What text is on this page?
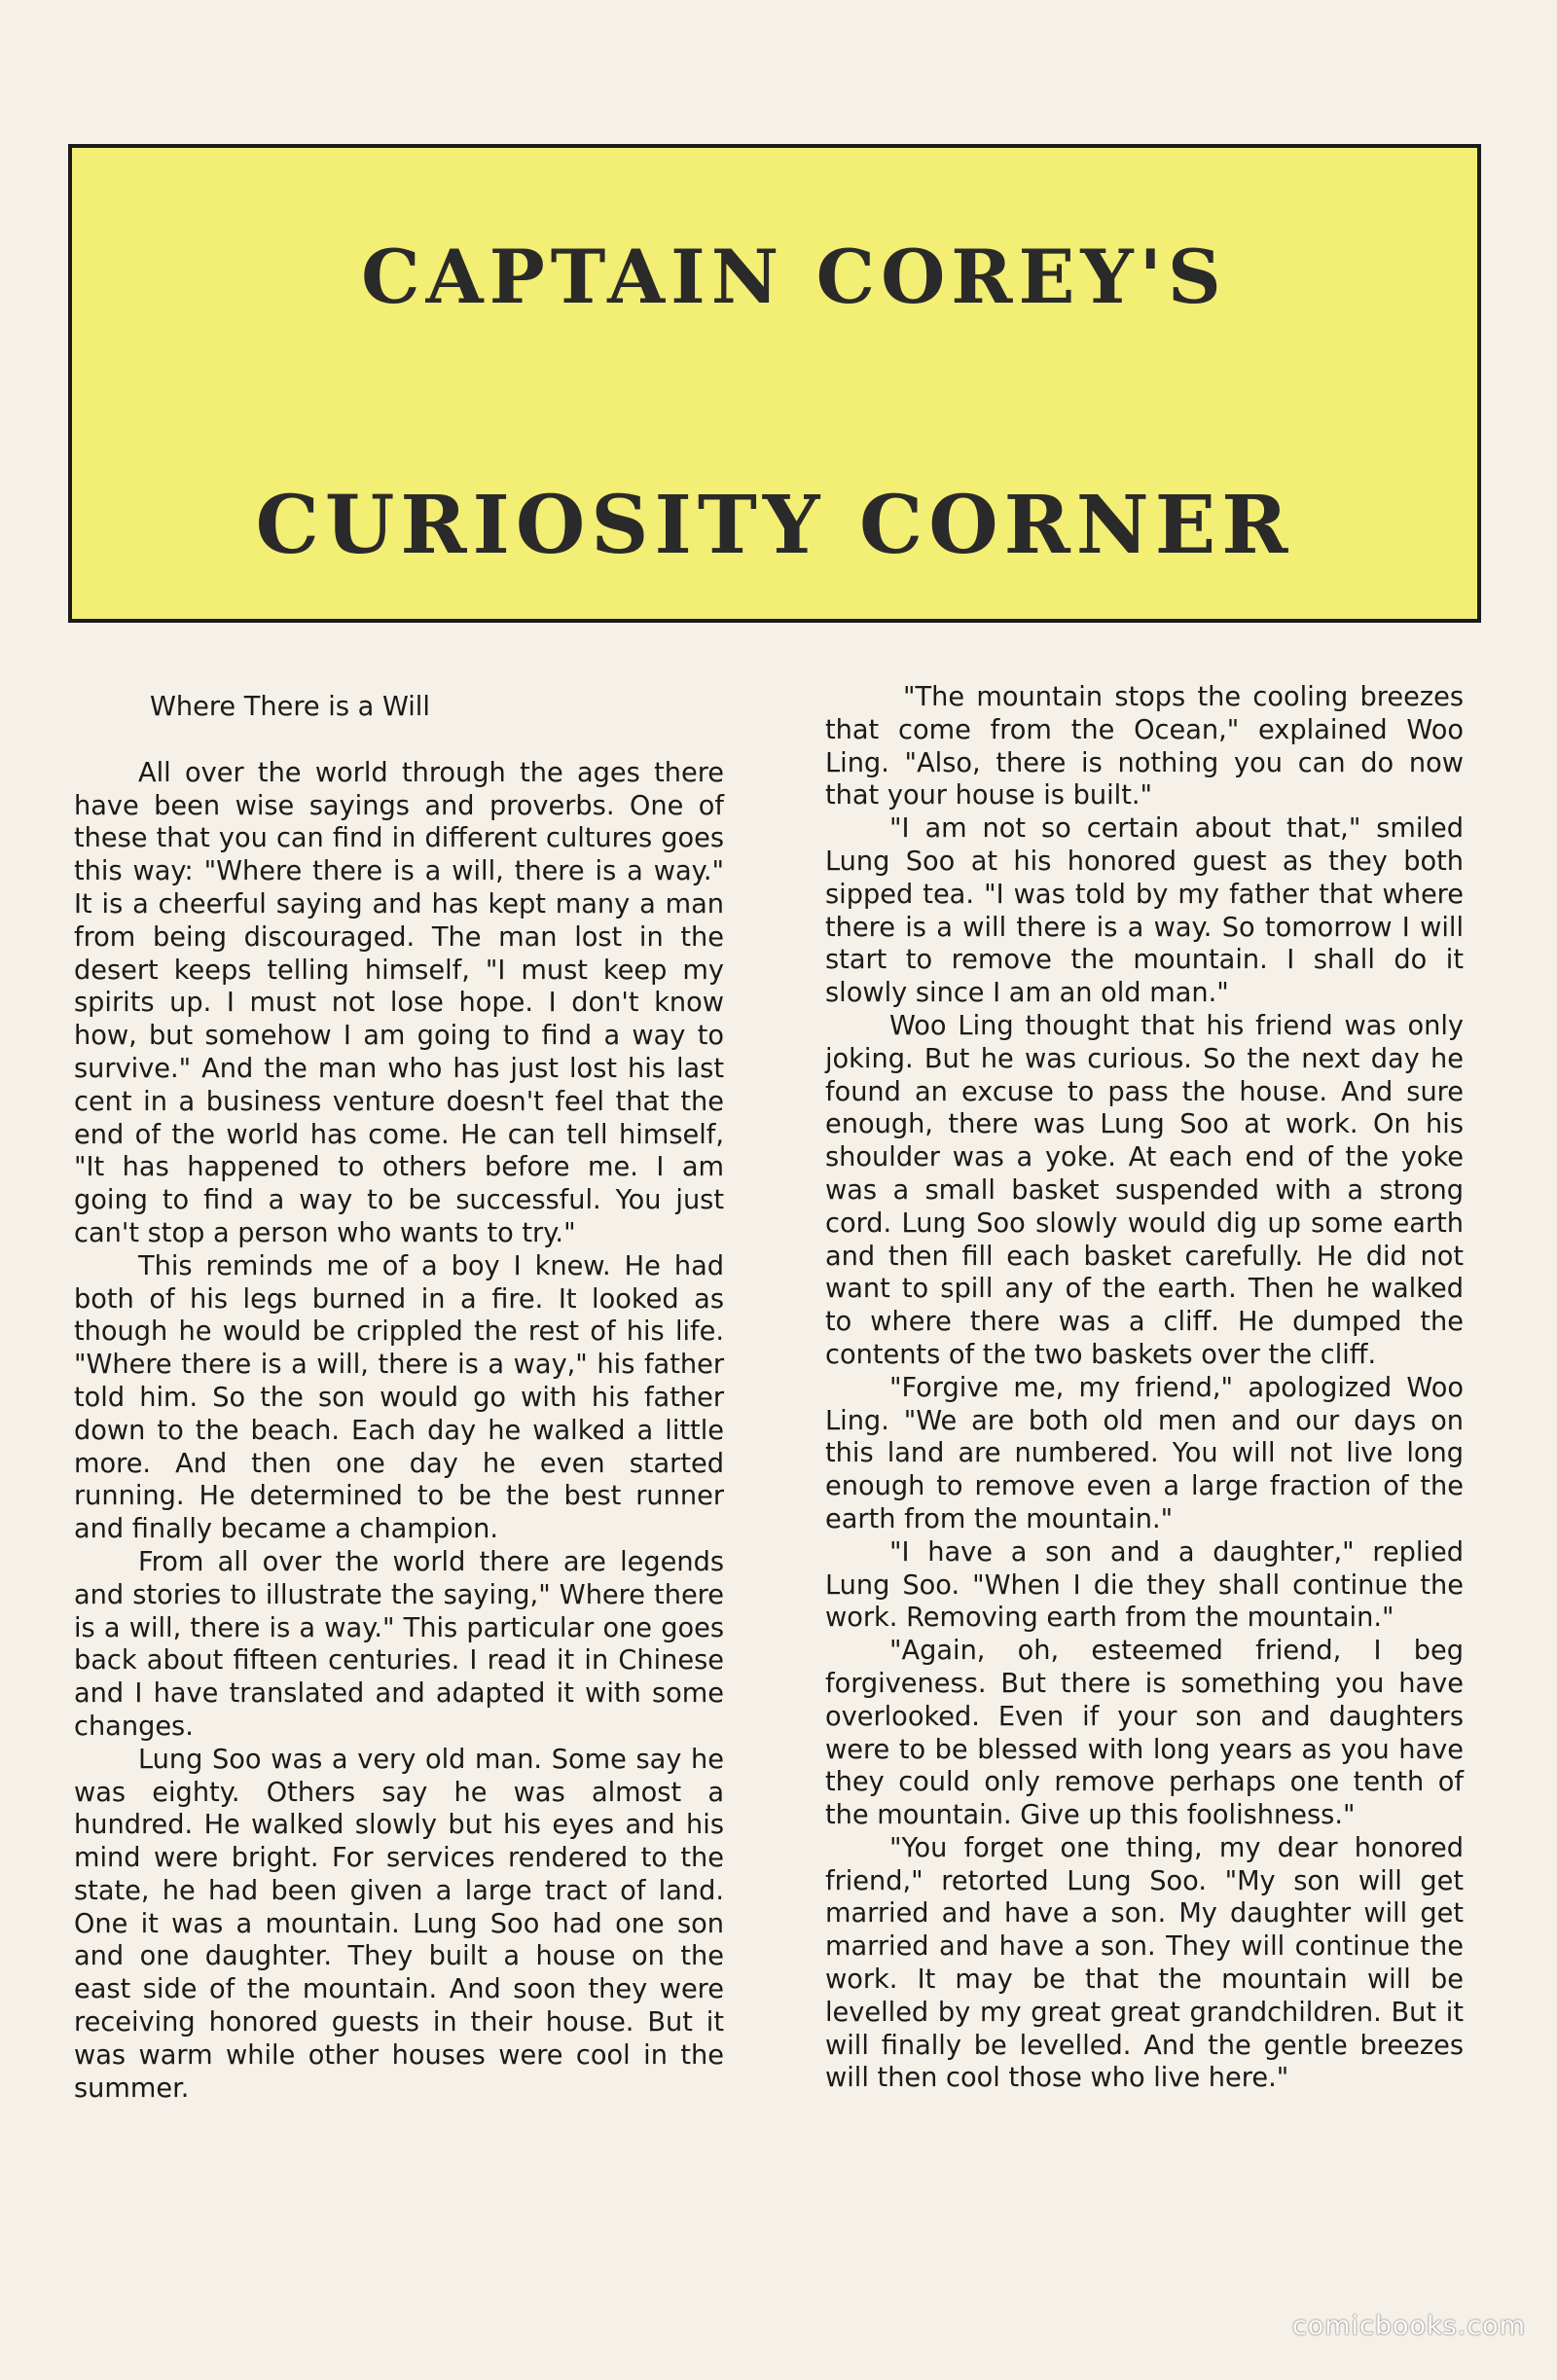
CAPTAIN COREY'S
CURIOSITY CORNER

Where There is a Will

All over the world through the ages there have been wise sayings and proverbs. One of these that you can find in different cultures goes this way: "Where there is a will, there is a way." It is a cheerful saying and has kept many a man from being discouraged. The man lost in the desert keeps telling himself, "I must keep my spirits up. I must not lose hope. I don't know how, but somehow I am going to find a way to survive." And the man who has just lost his last cent in a business venture doesn't feel that the end of the world has come. He can tell himself, "It has happened to others before me. I am going to find a way to be successful. You just can't stop a person who wants to try."

This reminds me of a boy I knew. He had both of his legs burned in a fire. It looked as though he would be crippled the rest of his life. "Where there is a will, there is a way," his father told him. So the son would go with his father down to the beach. Each day he walked a little more. And then one day he even started running. He determined to be the best runner and finally became a champion.

From all over the world there are legends and stories to illustrate the saying," Where there is a will, there is a way." This particular one goes back about fifteen centuries. I read it in Chinese and I have translated and adapted it with some changes.

Lung Soo was a very old man. Some say he was eighty. Others say he was almost a hundred. He walked slowly but his eyes and his mind were bright. For services rendered to the state, he had been given a large tract of land. One it was a mountain. Lung Soo had one son and one daughter. They built a house on the east side of the mountain. And soon they were receiving honored guests in their house. But it was warm while other houses were cool in the summer.

"The mountain stops the cooling breezes that come from the Ocean," explained Woo Ling. "Also, there is nothing you can do now that your house is built."

"I am not so certain about that," smiled Lung Soo at his honored guest as they both sipped tea. "I was told by my father that where there is a will there is a way. So tomorrow I will start to remove the mountain. I shall do it slowly since I am an old man."

Woo Ling thought that his friend was only joking. But he was curious. So the next day he found an excuse to pass the house. And sure enough, there was Lung Soo at work. On his shoulder was a yoke. At each end of the yoke was a small basket suspended with a strong cord. Lung Soo slowly would dig up some earth and then fill each basket carefully. He did not want to spill any of the earth. Then he walked to where there was a cliff. He dumped the contents of the two baskets over the cliff.

"Forgive me, my friend," apologized Woo Ling. "We are both old men and our days on this land are numbered. You will not live long enough to remove even a large fraction of the earth from the mountain."

"I have a son and a daughter," replied Lung Soo. "When I die they shall continue the work. Removing earth from the mountain."

"Again, oh, esteemed friend, I beg forgiveness. But there is something you have overlooked. Even if your son and daughters were to be blessed with long years as you have they could only remove perhaps one tenth of the mountain. Give up this foolishness."

"You forget one thing, my dear honored friend," retorted Lung Soo. "My son will get married and have a son. My daughter will get married and have a son. They will continue the work. It may be that the mountain will be levelled by my great great grandchildren. But it will finally be levelled. And the gentle breezes will then cool those who live here."

comicbooks.com
